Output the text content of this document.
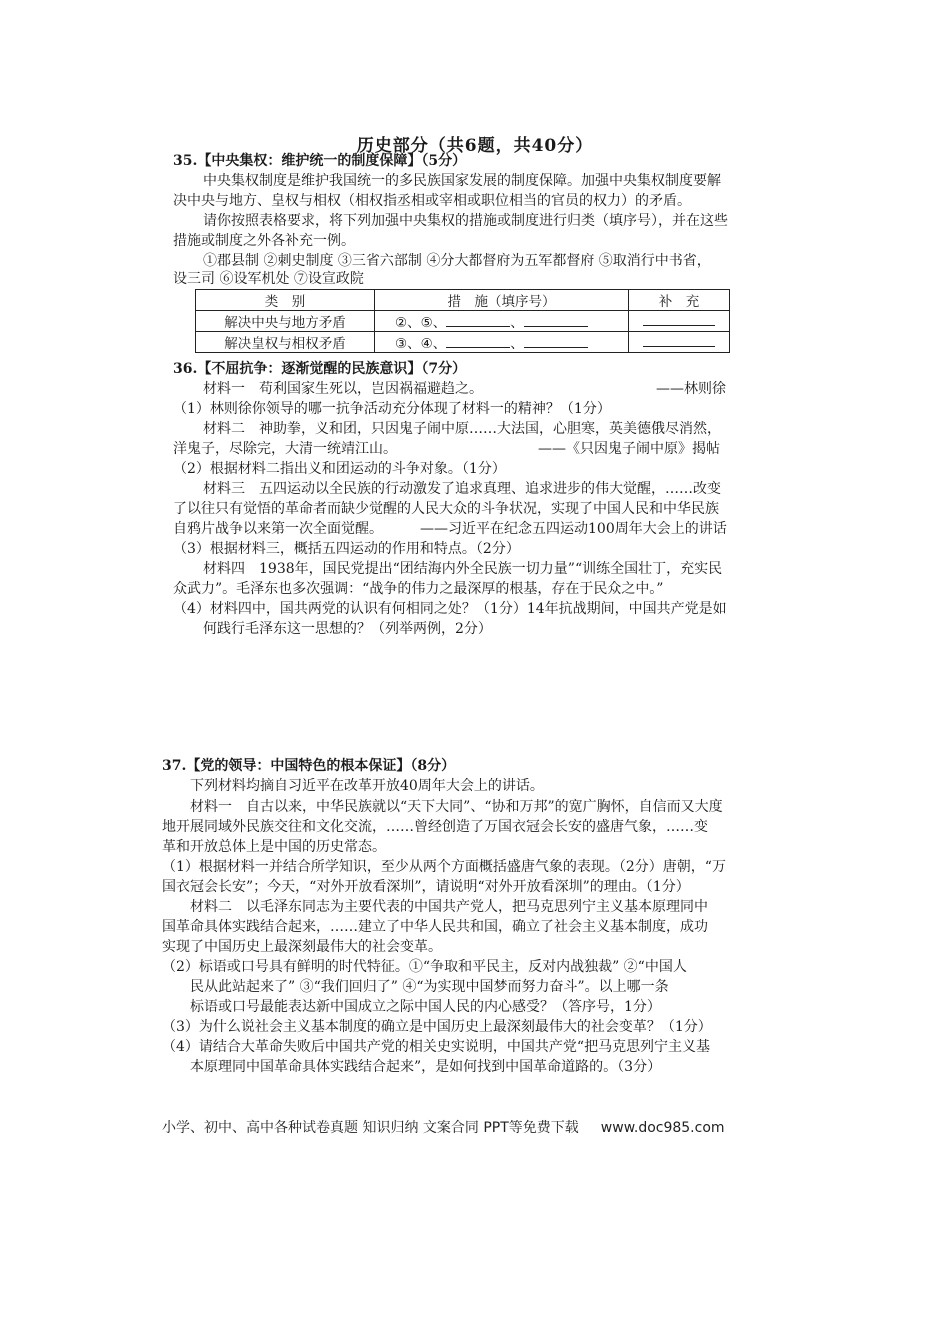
历史部分（共6题，共40分）
35.【中央集权：维护统一的制度保障】（5分）
中央集权制度是维护我国统一的多民族国家发展的制度保障。加强中央集权制度要解
决中央与地方、皇权与相权（相权指丞相或宰相或职位相当的官员的权力）的矛盾。
请你按照表格要求，将下列加强中央集权的措施或制度进行归类（填序号），并在这些
措施或制度之外各补充一例。
①郡县制 ②刺史制度 ③三省六部制 ④分大都督府为五军都督府 ⑤取消行中书省，
设三司 ⑥设军机处 ⑦设宣政院
类　别	措　施（填序号）	补　充
解决中央与地方矛盾	②、⑤、 、	
解决皇权与相权矛盾	③、④、 、	
36.【不屈抗争：逐渐觉醒的民族意识】（7分）
材料一　苟利国家生死以，岂因祸福避趋之。	——林则徐
（1）林则徐你领导的哪一抗争活动充分体现了材料一的精神？（1分）
材料二　神助拳，义和团，只因鬼子闹中原……大法国，心胆寒，英美德俄尽消然，
洋鬼子，尽除完，大清一统靖江山。	——《只因鬼子闹中原》揭帖
（2）根据材料二指出义和团运动的斗争对象。（1分）
材料三　五四运动以全民族的行动激发了追求真理、追求进步的伟大觉醒，……改变
了以往只有觉悟的革命者而缺少觉醒的人民大众的斗争状况，实现了中国人民和中华民族
自鸦片战争以来第一次全面觉醒。	——习近平在纪念五四运动100周年大会上的讲话
（3）根据材料三，概括五四运动的作用和特点。（2分）
材料四　1938年，国民党提出“团结海内外全民族一切力量”“训练全国壮丁，充实民
众武力”。毛泽东也多次强调：“战争的伟力之最深厚的根基，存在于民众之中。”
（4）材料四中，国共两党的认识有何相同之处？（1分）14年抗战期间，中国共产党是如
何践行毛泽东这一思想的？（列举两例，2分）
37.【党的领导：中国特色的根本保证】（8分）
下列材料均摘自习近平在改革开放40周年大会上的讲话。
材料一　自古以来，中华民族就以“天下大同”、“协和万邦”的宽广胸怀，自信而又大度
地开展同域外民族交往和文化交流，……曾经创造了万国衣冠会长安的盛唐气象，……变
革和开放总体上是中国的历史常态。
（1）根据材料一并结合所学知识，至少从两个方面概括盛唐气象的表现。（2分）唐朝，“万
国衣冠会长安”；今天，“对外开放看深圳”，请说明“对外开放看深圳”的理由。（1分）
材料二　以毛泽东同志为主要代表的中国共产党人，把马克思列宁主义基本原理同中
国革命具体实践结合起来，……建立了中华人民共和国，确立了社会主义基本制度，成功
实现了中国历史上最深刻最伟大的社会变革。
（2）标语或口号具有鲜明的时代特征。①“争取和平民主，反对内战独裁” ②“中国人
民从此站起来了” ③“我们回归了” ④“为实现中国梦而努力奋斗”。以上哪一条
标语或口号最能表达新中国成立之际中国人民的内心感受？（答序号，1分）
（3）为什么说社会主义基本制度的确立是中国历史上最深刻最伟大的社会变革？（1分）
（4）请结合大革命失败后中国共产党的相关史实说明，中国共产党“把马克思列宁主义基
本原理同中国革命具体实践结合起来”，是如何找到中国革命道路的。（3分）
小学、初中、高中各种试卷真题 知识归纳 文案合同 PPT等免费下载 www.doc985.com
